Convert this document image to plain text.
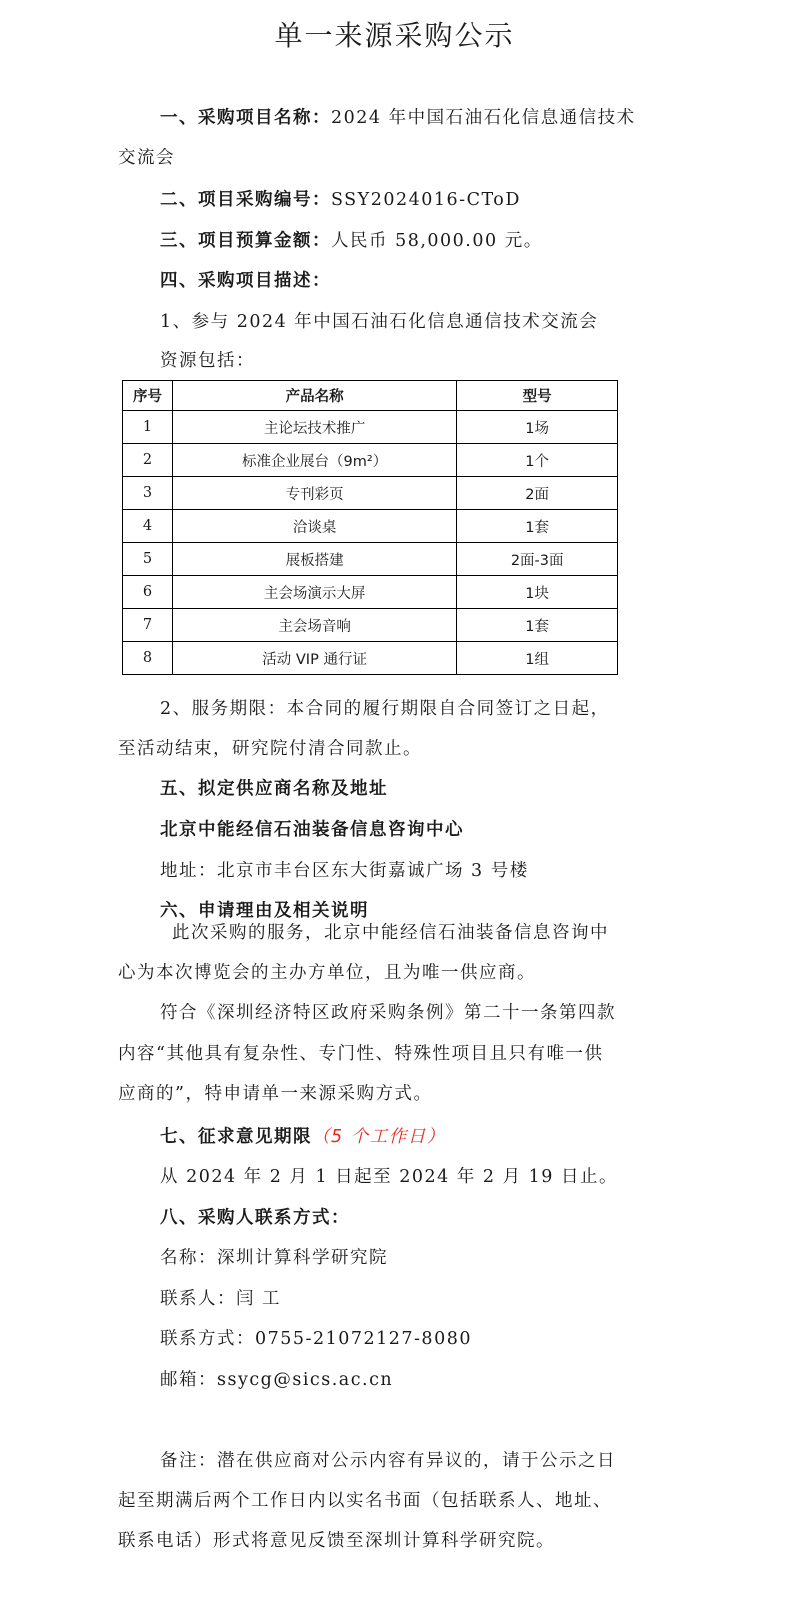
单一来源采购公示
一、采购项目名称：2024 年中国石油石化信息通信技术
交流会
二、项目采购编号：SSY2024016-CToD
三、项目预算金额：人民币 58,000.00 元。
四、采购项目描述：
1、参与 2024 年中国石油石化信息通信技术交流会
资源包括：
序号	产品名称	型号
1	主论坛技术推广	1场
2	标准企业展台（9m²）	1个
3	专刊彩页	2面
4	洽谈桌	1套
5	展板搭建	2面-3面
6	主会场演示大屏	1块
7	主会场音响	1套
8	活动 VIP 通行证	1组
2、服务期限：本合同的履行期限自合同签订之日起，
至活动结束，研究院付清合同款止。
五、拟定供应商名称及地址
北京中能经信石油装备信息咨询中心
地址：北京市丰台区东大街嘉诚广场 3 号楼
六、申请理由及相关说明
此次采购的服务，北京中能经信石油装备信息咨询中
心为本次博览会的主办方单位，且为唯一供应商。
符合《深圳经济特区政府采购条例》第二十一条第四款
内容“其他具有复杂性、专门性、特殊性项目且只有唯一供
应商的”，特申请单一来源采购方式。
七、征求意见期限（5 个工作日）
从 2024 年 2 月 1 日起至 2024 年 2 月 19 日止。
八、采购人联系方式：
名称：深圳计算科学研究院
联系人：闫 工
联系方式：0755-21072127-8080
邮箱：ssycg@sics.ac.cn
备注：潜在供应商对公示内容有异议的，请于公示之日
起至期满后两个工作日内以实名书面（包括联系人、地址、
联系电话）形式将意见反馈至深圳计算科学研究院。
